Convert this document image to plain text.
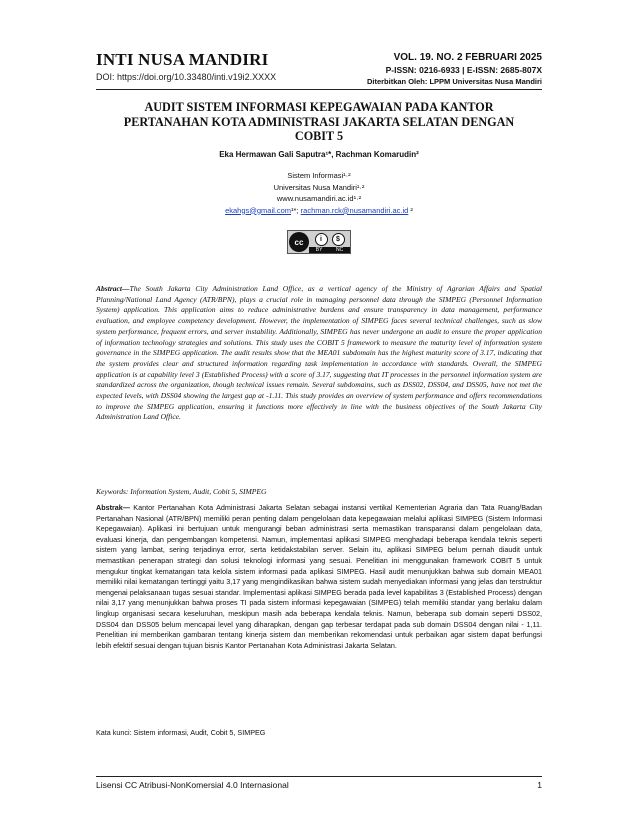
INTI NUSA MANDIRI
DOI: https://doi.org/10.33480/inti.v19i2.XXXX
VOL. 19. NO. 2 FEBRUARI 2025
P-ISSN: 0216-6933 | E-ISSN: 2685-807X
Diterbitkan Oleh: LPPM Universitas Nusa Mandiri
AUDIT SISTEM INFORMASI KEPEGAWAIAN PADA KANTOR PERTANAHAN KOTA ADMINISTRASI JAKARTA SELATAN DENGAN COBIT 5
Eka Hermawan Gali Saputra¹*, Rachman Komarudin²
Sistem Informasi¹·²
Universitas Nusa Mandiri¹·²
www.nusamandiri.ac.id¹·²
ekahgs@gmail.com¹*; rachman.rck@nusamandiri.ac.id ²
cc	i	$
BY	NC
Abstract—The South Jakarta City Administration Land Office, as a vertical agency of the Ministry of Agrarian Affairs and Spatial Planning/National Land Agency (ATR/BPN), plays a crucial role in managing personnel data through the SIMPEG (Personnel Information System) application. This application aims to reduce administrative burdens and ensure transparency in data management, performance evaluation, and employee competency development. However, the implementation of SIMPEG faces several technical challenges, such as slow system performance, frequent errors, and server instability. Additionally, SIMPEG has never undergone an audit to ensure the proper application of information technology strategies and solutions. This study uses the COBIT 5 framework to measure the maturity level of information system governance in the SIMPEG application. The audit results show that the MEA01 subdomain has the highest maturity score of 3.17, indicating that the system provides clear and structured information regarding task implementation in accordance with standards. Overall, the SIMPEG application is at capability level 3 (Established Process) with a score of 3.17, suggesting that IT processes in the personnel information system are standardized across the organization, though technical issues remain. Several subdomains, such as DSS02, DSS04, and DSS05, have not met the expected levels, with DSS04 showing the largest gap at -1.11. This study provides an overview of system performance and offers recommendations to improve the SIMPEG application, ensuring it functions more effectively in line with the business objectives of the South Jakarta City Administration Land Office.
Keywords: Information System, Audit, Cobit 5, SIMPEG
Abstrak— Kantor Pertanahan Kota Administrasi Jakarta Selatan sebagai instansi vertikal Kementerian Agraria dan Tata Ruang/Badan Pertanahan Nasional (ATR/BPN) memiliki peran penting dalam pengelolaan data kepegawaian melalui aplikasi SIMPEG (Sistem Informasi Kepegawaian). Aplikasi ini bertujuan untuk mengurangi beban administrasi serta memastikan transparansi dalam pengelolaan data, evaluasi kinerja, dan pengembangan kompetensi. Namun, implementasi aplikasi SIMPEG menghadapi beberapa kendala teknis seperti sistem yang lambat, sering terjadinya error, serta ketidakstabilan server. Selain itu, aplikasi SIMPEG belum pernah diaudit untuk memastikan penerapan strategi dan solusi teknologi informasi yang sesuai. Penelitian ini menggunakan framework COBIT 5 untuk mengukur tingkat kematangan tata kelola sistem informasi pada aplikasi SIMPEG. Hasil audit menunjukkan bahwa sub domain MEA01 memiliki nilai kematangan tertinggi yaitu 3,17 yang mengindikasikan bahwa sistem sudah menyediakan informasi yang jelas dan terstruktur mengenai pelaksanaan tugas sesuai standar. Implementasi aplikasi SIMPEG berada pada level kapabilitas 3 (Established Process) dengan nilai 3,17 yang menunjukkan bahwa proses TI pada sistem informasi kepegawaian (SIMPEG) telah memiliki standar yang berlaku dalam lingkup organisasi secara keseluruhan, meskipun masih ada beberapa kendala teknis. Namun, beberapa sub domain seperti DSS02, DSS04 dan DSS05 belum mencapai level yang diharapkan, dengan gap terbesar terdapat pada sub domain DSS04 dengan nilai - 1,11. Penelitian ini memberikan gambaran tentang kinerja sistem dan memberikan rekomendasi untuk perbaikan agar sistem dapat berfungsi lebih efektif sesuai dengan tujuan bisnis Kantor Pertanahan Kota Administrasi Jakarta Selatan.
Kata kunci: Sistem informasi, Audit, Cobit 5, SIMPEG
Lisensi CC Atribusi-NonKomersial 4.0 Internasional	1
